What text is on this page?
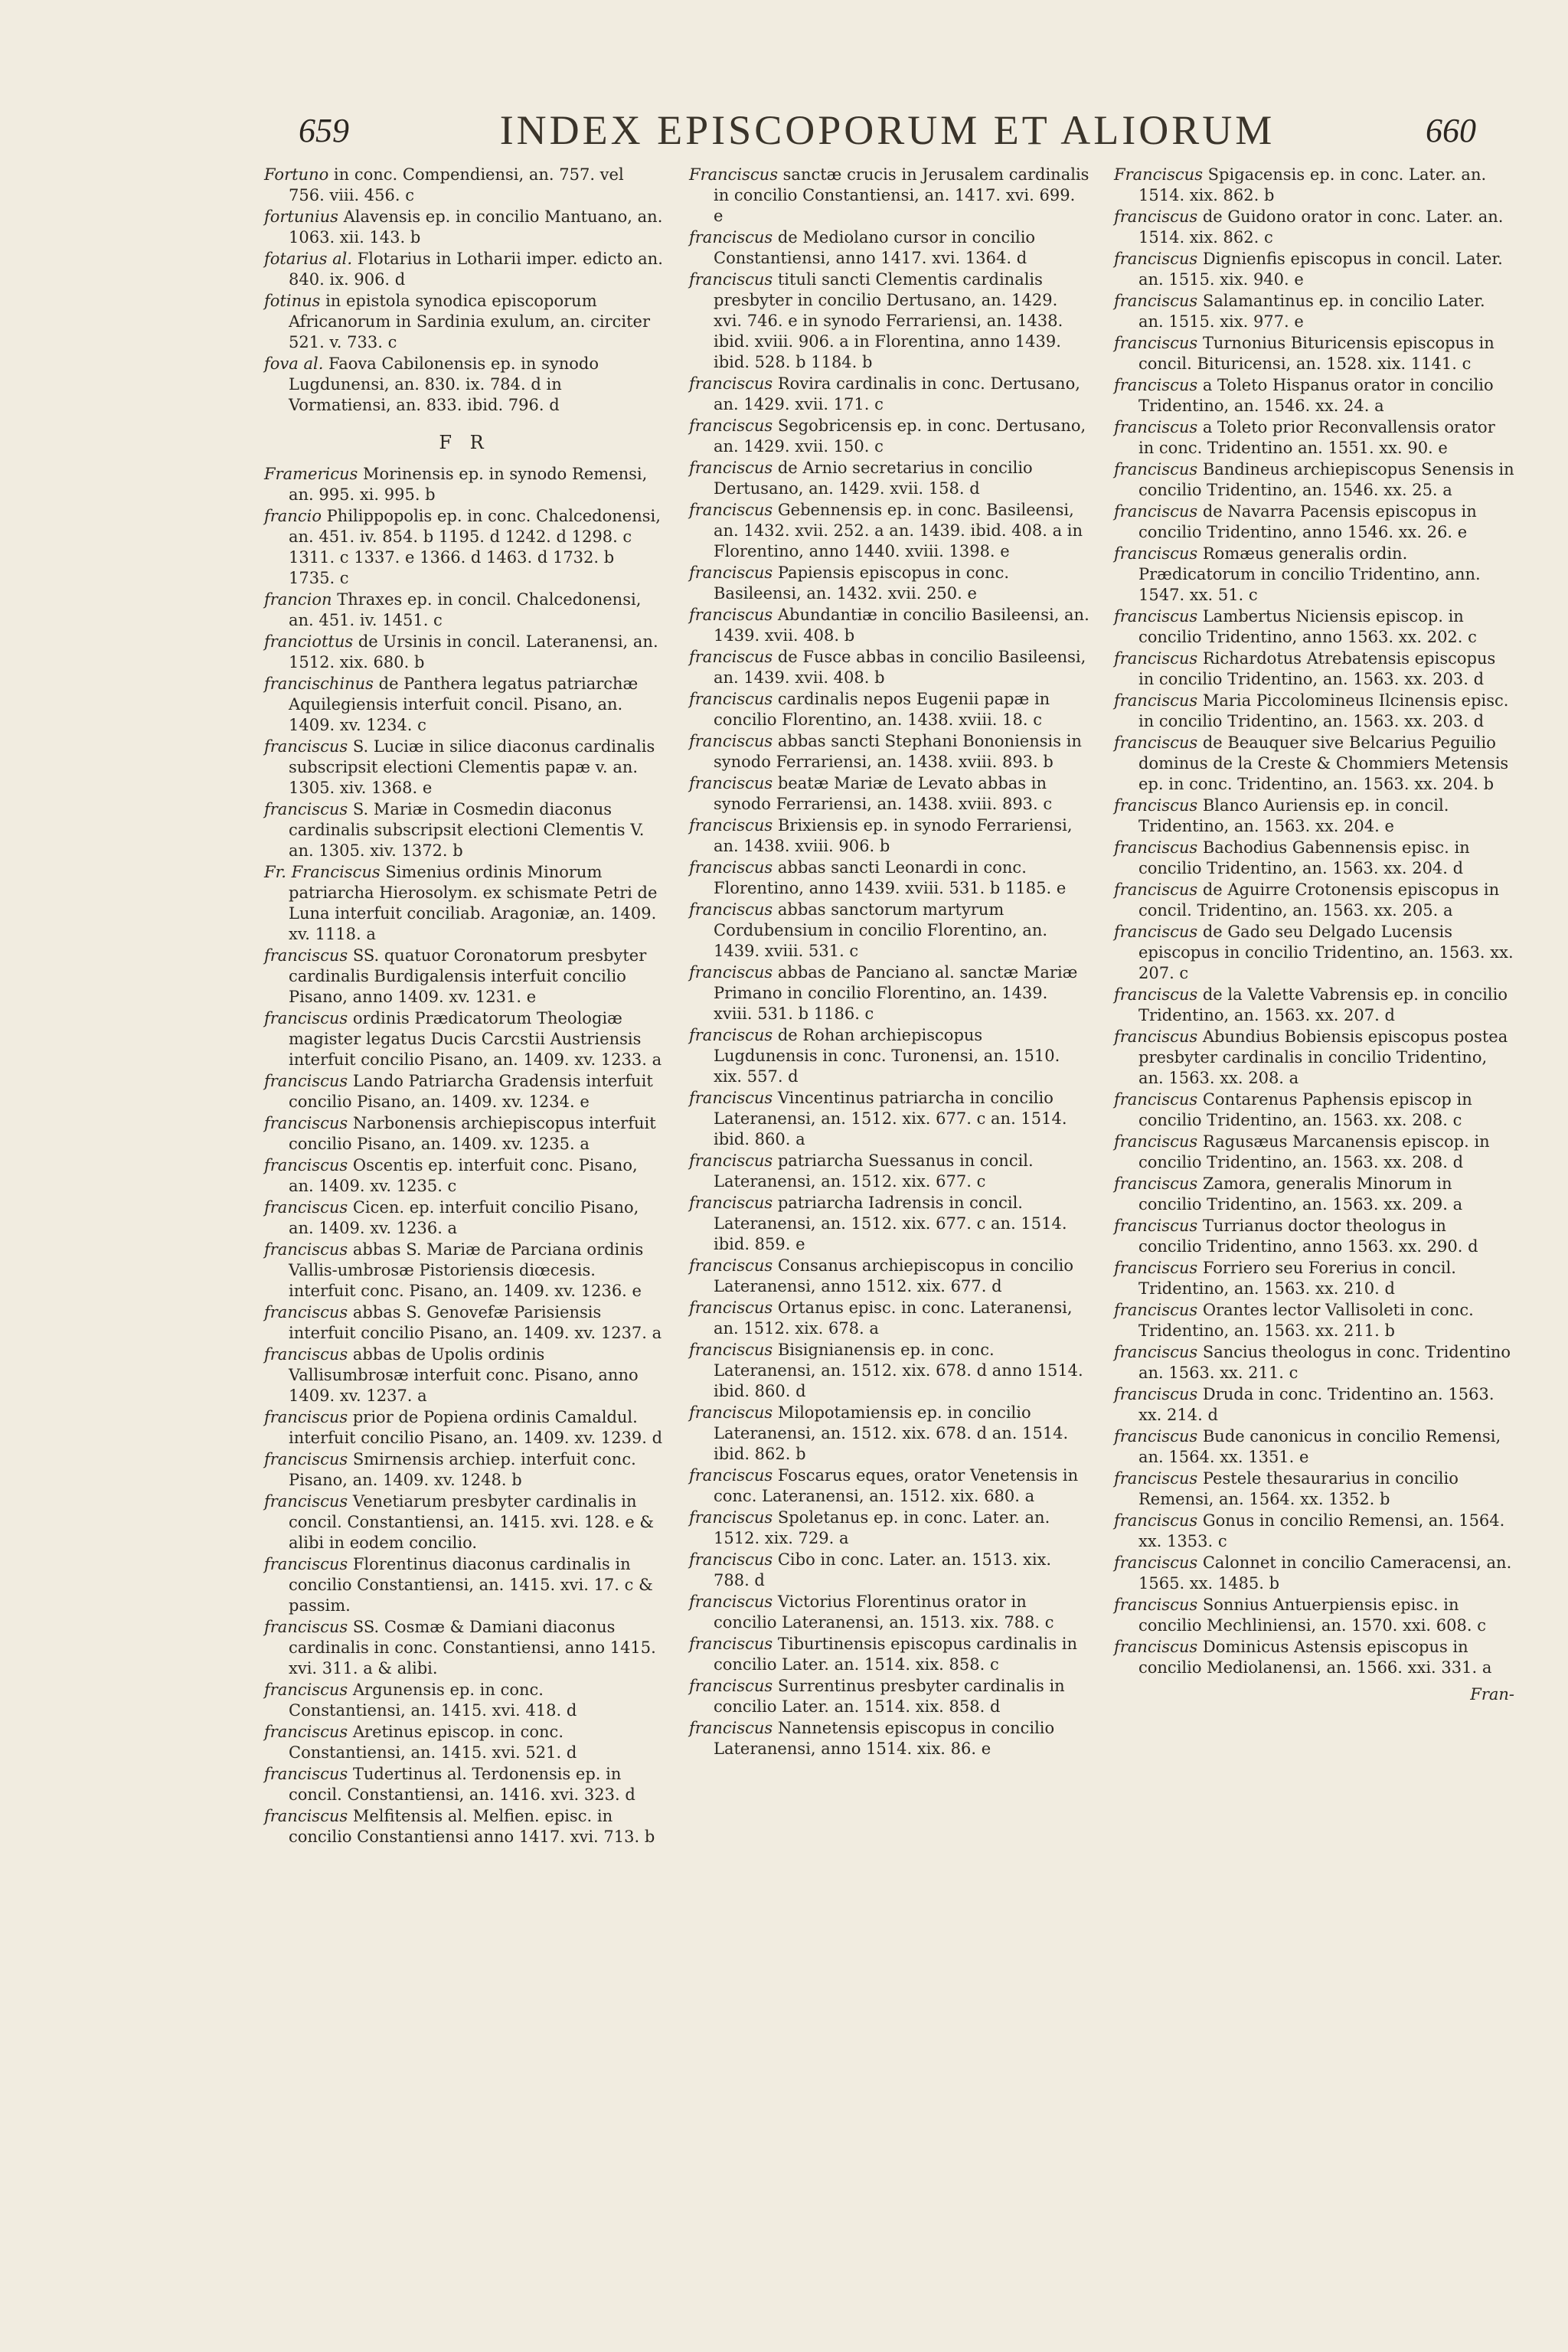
659	INDEX EPISCOPORUM ET ALIORUM	660

Fortuno in conc. Compendiensi, an. 757. vel 756. viii. 456. c

fortunius Alavensis ep. in concilio Mantuano, an. 1063. xii. 143. b

fotarius al. Flotarius in Lotharii imper. edicto an. 840. ix. 906. d

fotinus in epistola synodica episcoporum Africanorum in Sardinia exulum, an. circiter 521. v. 733. c

fova al. Faova Cabilonensis ep. in synodo Lugdunensi, an. 830. ix. 784. d in Vormatiensi, an. 833. ibid. 796. d

F R

Framericus Morinensis ep. in synodo Remensi, an. 995. xi. 995. b

francio Philippopolis ep. in conc. Chalcedonensi, an. 451. iv. 854. b 1195. d 1242. d 1298. c 1311. c 1337. e 1366. d 1463. d 1732. b 1735. c

francion Thraxes ep. in concil. Chalcedonensi, an. 451. iv. 1451. c

franciottus de Ursinis in concil. Lateranensi, an. 1512. xix. 680. b

francischinus de Panthera legatus patriarchæ Aquilegiensis interfuit concil. Pisano, an. 1409. xv. 1234. c

franciscus S. Luciæ in silice diaconus cardinalis subscripsit electioni Clementis papæ v. an. 1305. xiv. 1368. e

franciscus S. Mariæ in Cosmedin diaconus cardinalis subscripsit electioni Clementis V. an. 1305. xiv. 1372. b

Fr. Franciscus Simenius ordinis Minorum patriarcha Hierosolym. ex schismate Petri de Luna interfuit conciliab. Aragoniæ, an. 1409. xv. 1118. a

franciscus SS. quatuor Coronatorum presbyter cardinalis Burdigalensis interfuit concilio Pisano, anno 1409. xv. 1231. e

franciscus ordinis Prædicatorum Theologiæ magister legatus Ducis Carcstii Austriensis interfuit concilio Pisano, an. 1409. xv. 1233. a

franciscus Lando Patriarcha Gradensis interfuit concilio Pisano, an. 1409. xv. 1234. e

franciscus Narbonensis archiepiscopus interfuit concilio Pisano, an. 1409. xv. 1235. a

franciscus Oscentis ep. interfuit conc. Pisano, an. 1409. xv. 1235. c

franciscus Cicen. ep. interfuit concilio Pisano, an. 1409. xv. 1236. a

franciscus abbas S. Mariæ de Parciana ordinis Vallis-umbrosæ Pistoriensis diœcesis. interfuit conc. Pisano, an. 1409. xv. 1236. e

franciscus abbas S. Genovefæ Parisiensis interfuit concilio Pisano, an. 1409. xv. 1237. a

franciscus abbas de Upolis ordinis Vallisumbrosæ interfuit conc. Pisano, anno 1409. xv. 1237. a

franciscus prior de Popiena ordinis Camaldul. interfuit concilio Pisano, an. 1409. xv. 1239. d

franciscus Smirnensis archiep. interfuit conc. Pisano, an. 1409. xv. 1248. b

franciscus Venetiarum presbyter cardinalis in concil. Constantiensi, an. 1415. xvi. 128. e & alibi in eodem concilio.

franciscus Florentinus diaconus cardinalis in concilio Constantiensi, an. 1415. xvi. 17. c & passim.

franciscus SS. Cosmæ & Damiani diaconus cardinalis in conc. Constantiensi, anno 1415. xvi. 311. a & alibi.

franciscus Argunensis ep. in conc. Constantiensi, an. 1415. xvi. 418. d

franciscus Aretinus episcop. in conc. Constantiensi, an. 1415. xvi. 521. d

franciscus Tudertinus al. Terdonensis ep. in concil. Constantiensi, an. 1416. xvi. 323. d

franciscus Melfitensis al. Melfien. episc. in concilio Constantiensi anno 1417. xvi. 713. b

Franciscus sanctæ crucis in Jerusalem cardinalis in concilio Constantiensi, an. 1417. xvi. 699. e

franciscus de Mediolano cursor in concilio Constantiensi, anno 1417. xvi. 1364. d

franciscus tituli sancti Clementis cardinalis presbyter in concilio Dertusano, an. 1429. xvi. 746. e in synodo Ferrariensi, an. 1438. ibid. xviii. 906. a in Florentina, anno 1439. ibid. 528. b 1184. b

franciscus Rovira cardinalis in conc. Dertusano, an. 1429. xvii. 171. c

franciscus Segobricensis ep. in conc. Dertusano, an. 1429. xvii. 150. c

franciscus de Arnio secretarius in concilio Dertusano, an. 1429. xvii. 158. d

franciscus Gebennensis ep. in conc. Basileensi, an. 1432. xvii. 252. a an. 1439. ibid. 408. a in Florentino, anno 1440. xviii. 1398. e

franciscus Papiensis episcopus in conc. Basileensi, an. 1432. xvii. 250. e

franciscus Abundantiæ in concilio Basileensi, an. 1439. xvii. 408. b

franciscus de Fusce abbas in concilio Basileensi, an. 1439. xvii. 408. b

franciscus cardinalis nepos Eugenii papæ in concilio Florentino, an. 1438. xviii. 18. c

franciscus abbas sancti Stephani Bononiensis in synodo Ferrariensi, an. 1438. xviii. 893. b

franciscus beatæ Mariæ de Levato abbas in synodo Ferrariensi, an. 1438. xviii. 893. c

franciscus Brixiensis ep. in synodo Ferrariensi, an. 1438. xviii. 906. b

franciscus abbas sancti Leonardi in conc. Florentino, anno 1439. xviii. 531. b 1185. e

franciscus abbas sanctorum martyrum Cordubensium in concilio Florentino, an. 1439. xviii. 531. c

franciscus abbas de Panciano al. sanctæ Mariæ Primano in concilio Florentino, an. 1439. xviii. 531. b 1186. c

franciscus de Rohan archiepiscopus Lugdunensis in conc. Turonensi, an. 1510. xix. 557. d

franciscus Vincentinus patriarcha in concilio Lateranensi, an. 1512. xix. 677. c an. 1514. ibid. 860. a

franciscus patriarcha Suessanus in concil. Lateranensi, an. 1512. xix. 677. c

franciscus patriarcha Iadrensis in concil. Lateranensi, an. 1512. xix. 677. c an. 1514. ibid. 859. e

franciscus Consanus archiepiscopus in concilio Lateranensi, anno 1512. xix. 677. d

franciscus Ortanus episc. in conc. Lateranensi, an. 1512. xix. 678. a

franciscus Bisignianensis ep. in conc. Lateranensi, an. 1512. xix. 678. d anno 1514. ibid. 860. d

franciscus Milopotamiensis ep. in concilio Lateranensi, an. 1512. xix. 678. d an. 1514. ibid. 862. b

franciscus Foscarus eques, orator Venetensis in conc. Lateranensi, an. 1512. xix. 680. a

franciscus Spoletanus ep. in conc. Later. an. 1512. xix. 729. a

franciscus Cibo in conc. Later. an. 1513. xix. 788. d

franciscus Victorius Florentinus orator in concilio Lateranensi, an. 1513. xix. 788. c

franciscus Tiburtinensis episcopus cardinalis in concilio Later. an. 1514. xix. 858. c

franciscus Surrentinus presbyter cardinalis in concilio Later. an. 1514. xix. 858. d

franciscus Nannetensis episcopus in concilio Lateranensi, anno 1514. xix. 86. e

Franciscus Spigacensis ep. in conc. Later. an. 1514. xix. 862. b

franciscus de Guidono orator in conc. Later. an. 1514. xix. 862. c

franciscus Dignienfis episcopus in concil. Later. an. 1515. xix. 940. e

franciscus Salamantinus ep. in concilio Later. an. 1515. xix. 977. e

franciscus Turnonius Bituricensis episcopus in concil. Bituricensi, an. 1528. xix. 1141. c

franciscus a Toleto Hispanus orator in concilio Tridentino, an. 1546. xx. 24. a

franciscus a Toleto prior Reconvallensis orator in conc. Tridentino an. 1551. xx. 90. e

franciscus Bandineus archiepiscopus Senensis in concilio Tridentino, an. 1546. xx. 25. a

franciscus de Navarra Pacensis episcopus in concilio Tridentino, anno 1546. xx. 26. e

franciscus Romæus generalis ordin. Prædicatorum in concilio Tridentino, ann. 1547. xx. 51. c

franciscus Lambertus Niciensis episcop. in concilio Tridentino, anno 1563. xx. 202. c

franciscus Richardotus Atrebatensis episcopus in concilio Tridentino, an. 1563. xx. 203. d

franciscus Maria Piccolomineus Ilcinensis episc. in concilio Tridentino, an. 1563. xx. 203. d

franciscus de Beauquer sive Belcarius Peguilio dominus de la Creste & Chommiers Metensis ep. in conc. Tridentino, an. 1563. xx. 204. b

franciscus Blanco Auriensis ep. in concil. Tridentino, an. 1563. xx. 204. e

franciscus Bachodius Gabennensis episc. in concilio Tridentino, an. 1563. xx. 204. d

franciscus de Aguirre Crotonensis episcopus in concil. Tridentino, an. 1563. xx. 205. a

franciscus de Gado seu Delgado Lucensis episcopus in concilio Tridentino, an. 1563. xx. 207. c

franciscus de la Valette Vabrensis ep. in concilio Tridentino, an. 1563. xx. 207. d

franciscus Abundius Bobiensis episcopus postea presbyter cardinalis in concilio Tridentino, an. 1563. xx. 208. a

franciscus Contarenus Paphensis episcop in concilio Tridentino, an. 1563. xx. 208. c

franciscus Ragusæus Marcanensis episcop. in concilio Tridentino, an. 1563. xx. 208. d

franciscus Zamora, generalis Minorum in concilio Tridentino, an. 1563. xx. 209. a

franciscus Turrianus doctor theologus in concilio Tridentino, anno 1563. xx. 290. d

franciscus Forriero seu Forerius in concil. Tridentino, an. 1563. xx. 210. d

franciscus Orantes lector Vallisoleti in conc. Tridentino, an. 1563. xx. 211. b

franciscus Sancius theologus in conc. Tridentino an. 1563. xx. 211. c

franciscus Druda in conc. Tridentino an. 1563. xx. 214. d

franciscus Bude canonicus in concilio Remensi, an. 1564. xx. 1351. e

franciscus Pestele thesaurarius in concilio Remensi, an. 1564. xx. 1352. b

franciscus Gonus in concilio Remensi, an. 1564. xx. 1353. c

franciscus Calonnet in concilio Cameracensi, an. 1565. xx. 1485. b

franciscus Sonnius Antuerpiensis episc. in concilio Mechliniensi, an. 1570. xxi. 608. c

franciscus Dominicus Astensis episcopus in concilio Mediolanensi, an. 1566. xxi. 331. a

Fran-
